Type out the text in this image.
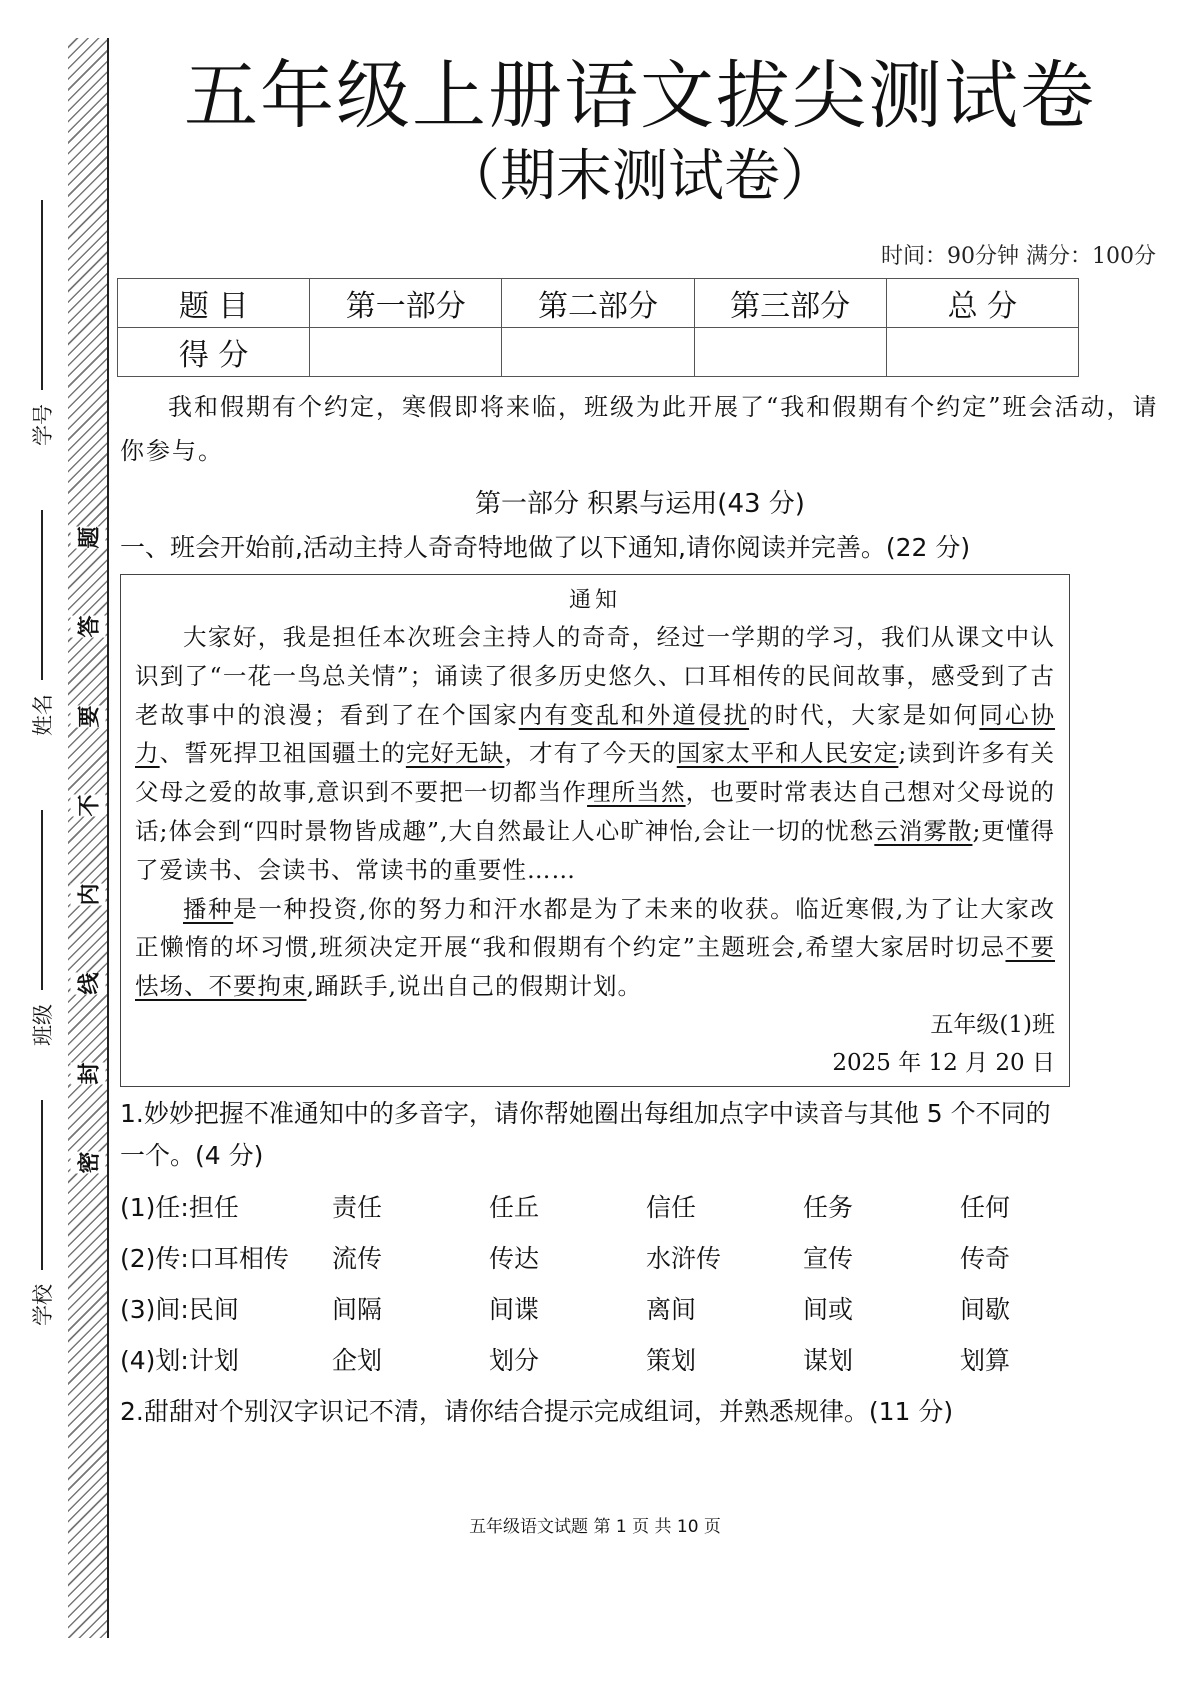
题
答
要
不
内
线
封
密
学号
姓名
班级
学校
五年级上册语文拔尖测试卷
（期末测试卷）
时间：90分钟 满分：100分
题 目	第一部分	第二部分	第三部分	总 分
得 分				
我和假期有个约定，寒假即将来临，班级为此开展了“我和假期有个约定”班会活动，请你参与。
第一部分 积累与运用(43 分)
一、班会开始前,活动主持人奇奇特地做了以下通知,请你阅读并完善。(22 分)
通知
大家好，我是担任本次班会主持人的奇奇，经过一学期的学习，我们从课文中认识到了“一花一鸟总关情”；诵读了很多历史悠久、口耳相传的民间故事，感受到了古老故事中的浪漫；看到了在个国家内有变乱和外道侵扰的时代，大家是如何同心协力、誓死捍卫祖国疆土的完好无缺，才有了今天的国家太平和人民安定;读到许多有关父母之爱的故事,意识到不要把一切都当作理所当然，也要时常表达自己想对父母说的话;体会到“四时景物皆成趣”,大自然最让人心旷神怡,会让一切的忧愁云消雾散;更懂得了爱读书、会读书、常读书的重要性……
播种是一种投资,你的努力和汗水都是为了未来的收获。临近寒假,为了让大家改正懒惰的坏习惯,班须决定开展“我和假期有个约定”主题班会,希望大家居时切忌不要怯场、不要拘束,踊跃手,说出自己的假期计划。
五年级(1)班
2025 年 12 月 20 日
1.妙妙把握不准通知中的多音字，请你帮她圈出每组加点字中读音与其他 5 个不同的一个。(4 分)
(1)任:担任	责任	任丘	信任	任务	任何
(2)传:口耳相传	流传	传达	水浒传	宣传	传奇
(3)间:民间	间隔	间谍	离间	间或	间歇
(4)划:计划	企划	划分	策划	谋划	划算
2.甜甜对个别汉字识记不清，请你结合提示完成组词，并熟悉规律。(11 分)
五年级语文试题 第 1 页 共 10 页
